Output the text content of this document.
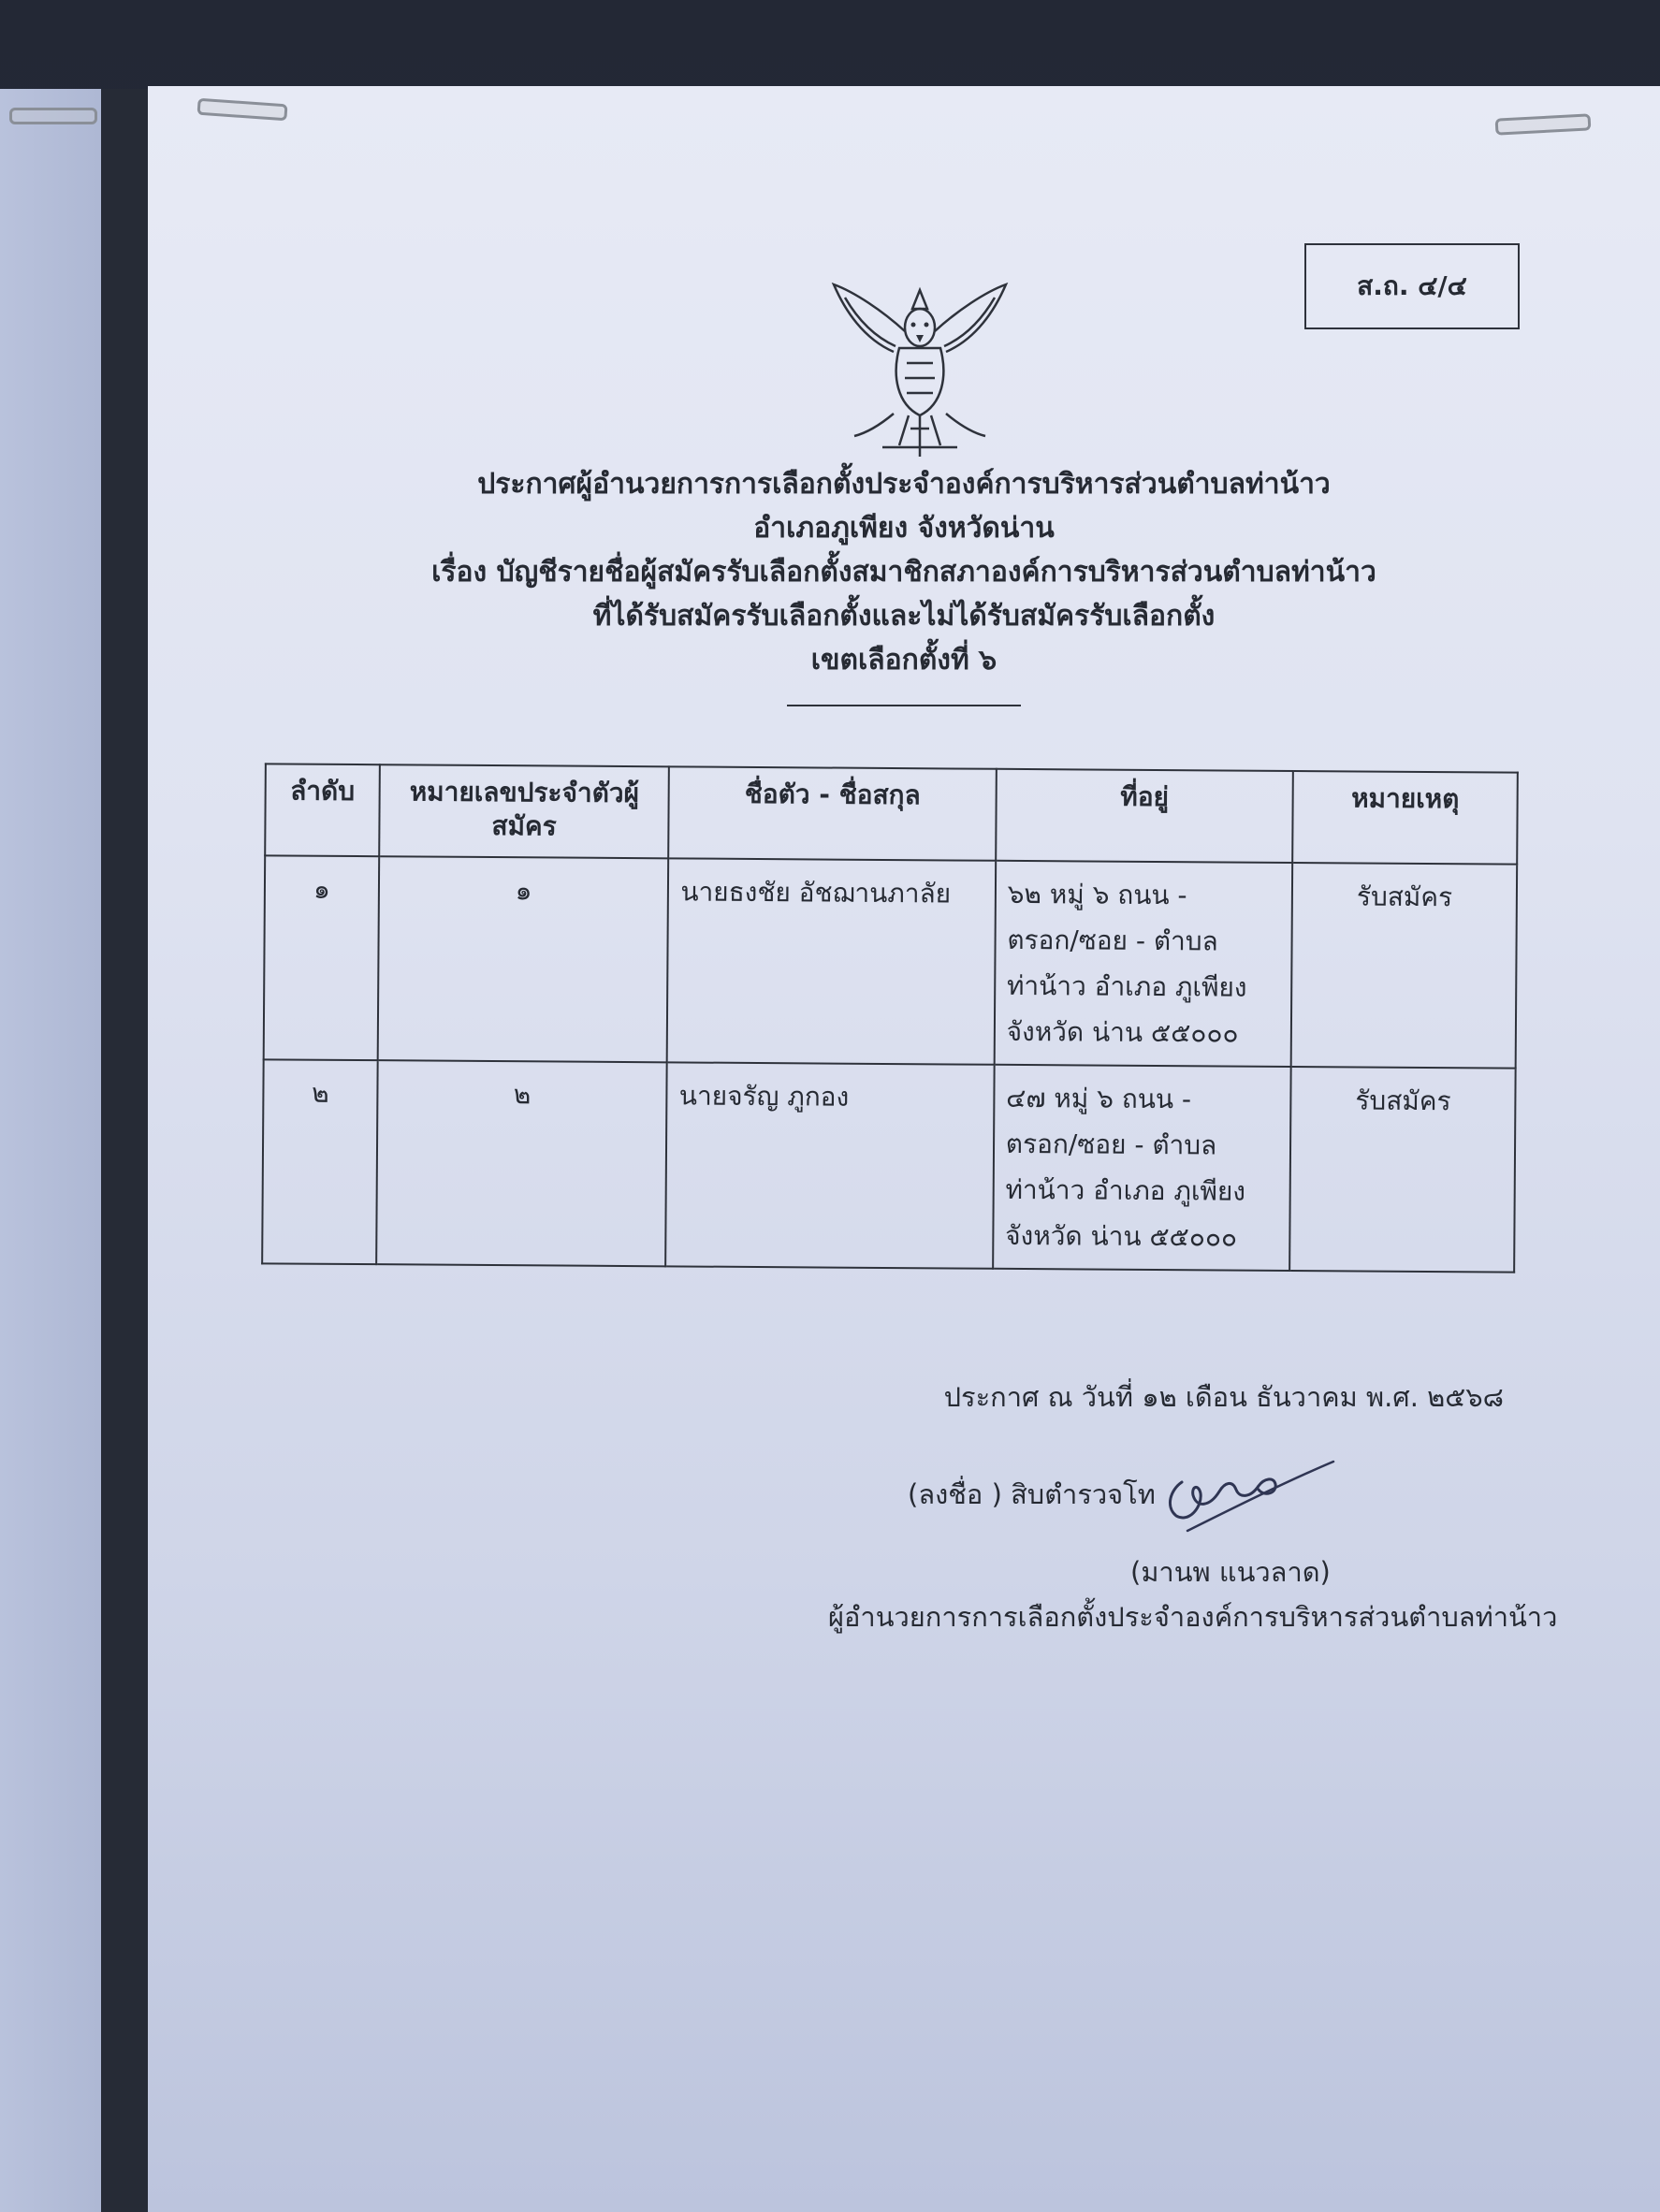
ส.ถ. ๔/๔
ประกาศผู้อำนวยการการเลือกตั้งประจำองค์การบริหารส่วนตำบลท่าน้าว
อำเภอภูเพียง จังหวัดน่าน
เรื่อง บัญชีรายชื่อผู้สมัครรับเลือกตั้งสมาชิกสภาองค์การบริหารส่วนตำบลท่าน้าว
ที่ได้รับสมัครรับเลือกตั้งและไม่ได้รับสมัครรับเลือกตั้ง
เขตเลือกตั้งที่ ๖
ลำดับ	หมายเลขประจำตัวผู้สมัคร	ชื่อตัว - ชื่อสกุล	ที่อยู่	หมายเหตุ
๑	๑	นายธงชัย อัชฌานภาลัย	๖๒ หมู่ ๖ ถนน -
ตรอก/ซอย - ตำบล
ท่าน้าว อำเภอ ภูเพียง
จังหวัด น่าน ๕๕๐๐๐	รับสมัคร
๒	๒	นายจรัญ ภูกอง	๔๗ หมู่ ๖ ถนน -
ตรอก/ซอย - ตำบล
ท่าน้าว อำเภอ ภูเพียง
จังหวัด น่าน ๕๕๐๐๐	รับสมัคร
ประกาศ ณ วันที่ ๑๒ เดือน ธันวาคม พ.ศ. ๒๕๖๘
(ลงชื่อ ) สิบตำรวจโท
(มานพ แนวลาด)
ผู้อำนวยการการเลือกตั้งประจำองค์การบริหารส่วนตำบลท่าน้าว
